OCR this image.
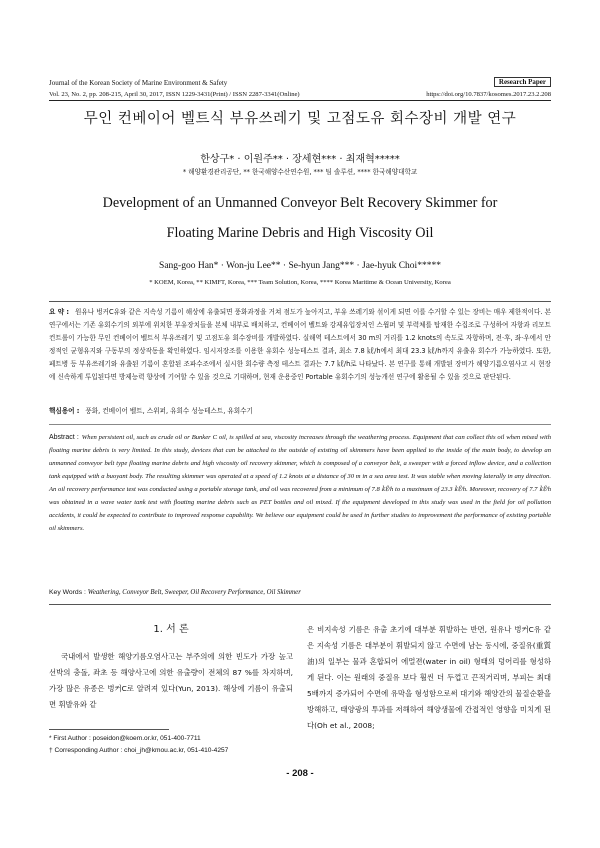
Journal of the Korean Society of Marine Environment & Safety	Research Paper
Vol. 23, No. 2, pp. 208-215, April 30, 2017, ISSN 1229-3431(Print) / ISSN 2287-3341(Online)	https://doi.org/10.7837/kosomes.2017.23.2.208
무인 컨베이어 벨트식 부유쓰레기 및 고점도유 회수장비 개발 연구
한상구* · 이원주** · 장세현*** · 최재혁*****
* 해양환경관리공단, ** 한국해양수산연수원, *** 팀 솔루션, **** 한국해양대학교
Development of an Unmanned Conveyor Belt Recovery Skimmer for
Floating Marine Debris and High Viscosity Oil
Sang-goo Han* · Won-ju Lee** · Se-hyun Jang*** · Jae-hyuk Choi*****
* KOEM, Korea, ** KIMFT, Korea, *** Team Solution, Korea, **** Korea Maritime & Ocean University, Korea
요 약 : 원유나 벙커C유와 같은 지속성 기름이 해상에 유출되면 풍화과정을 거쳐 점도가 높아지고, 부유 쓰레기와 섞이게 되면 이를 수거할 수 있는 장비는 매우 제한적이다. 본 연구에서는 기존 유회수기의 외부에 위치한 부유장치들을 본체 내부로 배치하고, 컨베이어 벨트와 강제유입장치인 스윕퍼 및 부력체를 탑재한 수집조로 구성하여 자항과 리모트컨트롤이 가능한 무인 컨베이어 벨트식 부유쓰레기 및 고점도유 회수장비를 개발하였다. 실해역 테스트에서 30 m의 거리를 1.2 knots의 속도로 자항하며, 전·후, 좌·우에서 안정적인 균형유지와 구동부의 정상작동을 확인하였다. 임시저장조를 이용한 유회수 성능테스트 결과, 최소 7.8 ㎘/h에서 최대 23.3 ㎘/h까지 유출유 회수가 가능하였다. 또한, 페트병 등 부유쓰레기와 유출된 기름이 혼합된 조파수조에서 실시한 회수량 측정 테스트 결과는 7.7 ㎘/h로 나타났다. 본 연구를 통해 개발된 장비가 해양기름오염사고 시 현장에 신속하게 투입된다면 방제능력 향상에 기여할 수 있을 것으로 기대하며, 현재 운용중인 Portable 유회수기의 성능개선 연구에 활용될 수 있을 것으로 판단된다.
핵심용어 : 풍화, 컨베이어 벨트, 스위퍼, 유회수 성능테스트, 유회수기
Abstract : When persistent oil, such as crude oil or Bunker C oil, is spilled at sea, viscosity increases through the weathering process. Equipment that can collect this oil when mixed with floating marine debris is very limited. In this study, devices that can be attached to the outside of existing oil skimmers have been applied to the inside of the main body, to develop an unmanned conveyor belt type floating marine debris and high viscosity oil recovery skimmer, which is composed of a conveyor belt, a sweeper with a forced inflow device, and a collection tank equipped with a buoyant body. The resulting skimmer was operated at a speed of 1.2 knots at a distance of 30 m in a sea area test. It was stable when moving laterally in any direction. An oil recovery performance test was conducted using a portable storage tank, and oil was recovered from a minimum of 7.8 ㎘/h to a maximum of 23.3 ㎘/h. Moreover, recovery of 7.7 ㎘/h was obtained in a wave water tank test with floating marine debris such as PET bottles and oil mixed. If the equipment developed in this study was used in the field for oil pollution accidents, it could be expected to contribute to improved response capability. We believe our equipment could be used in further studies to improvement the performance of existing portable oil skimmers.
Key Words : Weathering, Conveyor Belt, Sweeper, Oil Recovery Performance, Oil Skimmer
1. 서 론
국내에서 발생한 해양기름오염사고는 부주의에 의한 빈도가 가장 높고 선박의 충돌, 좌초 등 해양사고에 의한 유출량이 전체의 87 %를 차지하며, 가장 많은 유종은 벙커C로 알려져 있다(Yun, 2013). 해상에 기름이 유출되면 휘발유와 같
은 비지속성 기름은 유출 초기에 대부분 휘발하는 반면, 원유나 벙커C유 같은 지속성 기름은 대부분이 휘발되지 않고 수면에 남는 동시에, 중질유(重質油)의 일부는 물과 혼합되어 에멀젼(water in oil) 형태의 덩어리를 형성하게 된다. 이는 원래의 중질유 보다 훨씬 더 두껍고 끈적거리며, 부피는 최대 5배까지 증가되어 수면에 유막을 형성함으로써 대기와 해양간의 물질순환을 방해하고, 태양광의 투과를 저해하여 해양생물에 간접적인 영향을 미치게 된다(Oh et al., 2008;
* First Author : poseidon@koem.or.kr, 051-400-7711
† Corresponding Author : choi_jh@kmou.ac.kr, 051-410-4257
- 208 -
